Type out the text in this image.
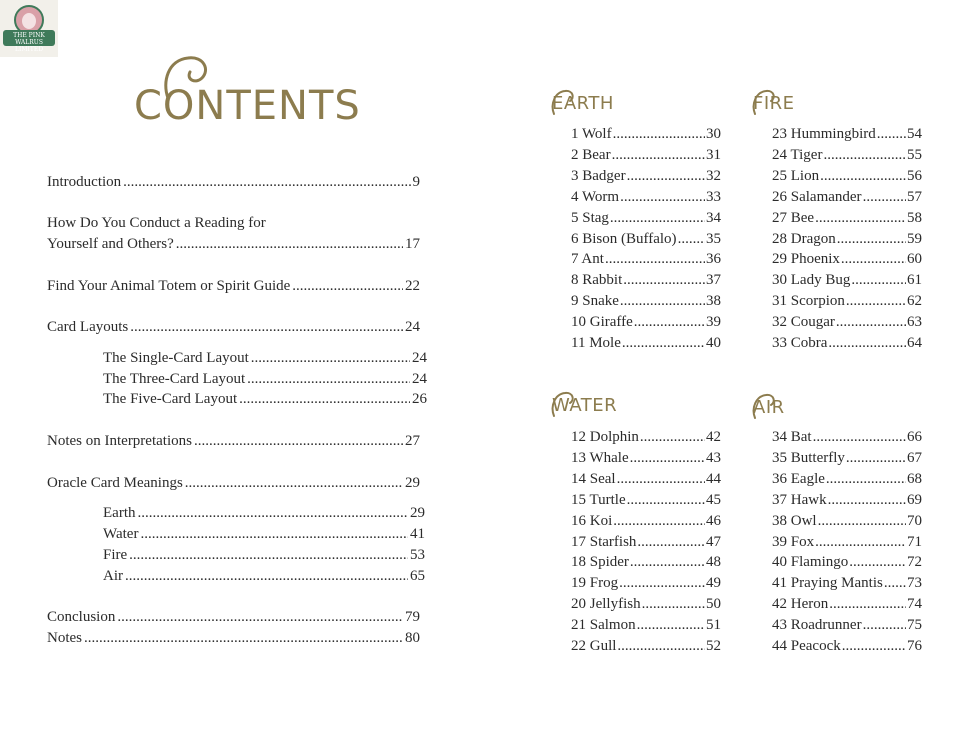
THE PINK
WALRUS LIMITED
CONTENTS
Introduction .....	9
How Do You Conduct a Reading for
Yourself and Others? .....	17
Find Your Animal Totem or Spirit Guide .....	22
Card Layouts .....	24
The Single-Card Layout .....	24
The Three-Card Layout .....	24
The Five-Card Layout .....	26
Notes on Interpretations .....	27
Oracle Card Meanings .....	29
Earth .....	29
Water .....	41
Fire .....	53
Air .....	65
Conclusion .....	79
Notes .....	80
EARTH	FIRE
WATER	AIR
1 Wolf .....	30
2 Bear .....	31
3 Badger .....	32
4 Worm .....	33
5 Stag .....	34
6 Bison (Buffalo) ..... 35
7 Ant .....	36
8 Rabbit .....	37
9 Snake .....	38
10 Giraffe .....	39
11 Mole .....	40
23 Hummingbird ..... 54
24 Tiger .....	55
25 Lion .....	56
26 Salamander .....	57
27 Bee .....	58
28 Dragon .....	59
29 Phoenix .....	60
30 Lady Bug .....	61
31 Scorpion .....	62
32 Cougar .....	63
33 Cobra .....	64
12 Dolphin .....	42
13 Whale .....	43
14 Seal .....	44
15 Turtle .....	45
16 Koi .....	46
17 Starfish .....	47
18 Spider .....	48
19 Frog .....	49
20 Jellyfish .....	50
21 Salmon .....	51
22 Gull .....	52
34 Bat .....	66
35 Butterfly .....	67
36 Eagle .....	68
37 Hawk .....	69
38 Owl .....	70
39 Fox .....	71
40 Flamingo .....	72
41 Praying Mantis ..... 73
42 Heron .....	74
43 Roadrunner .....	75
44 Peacock .....	76
